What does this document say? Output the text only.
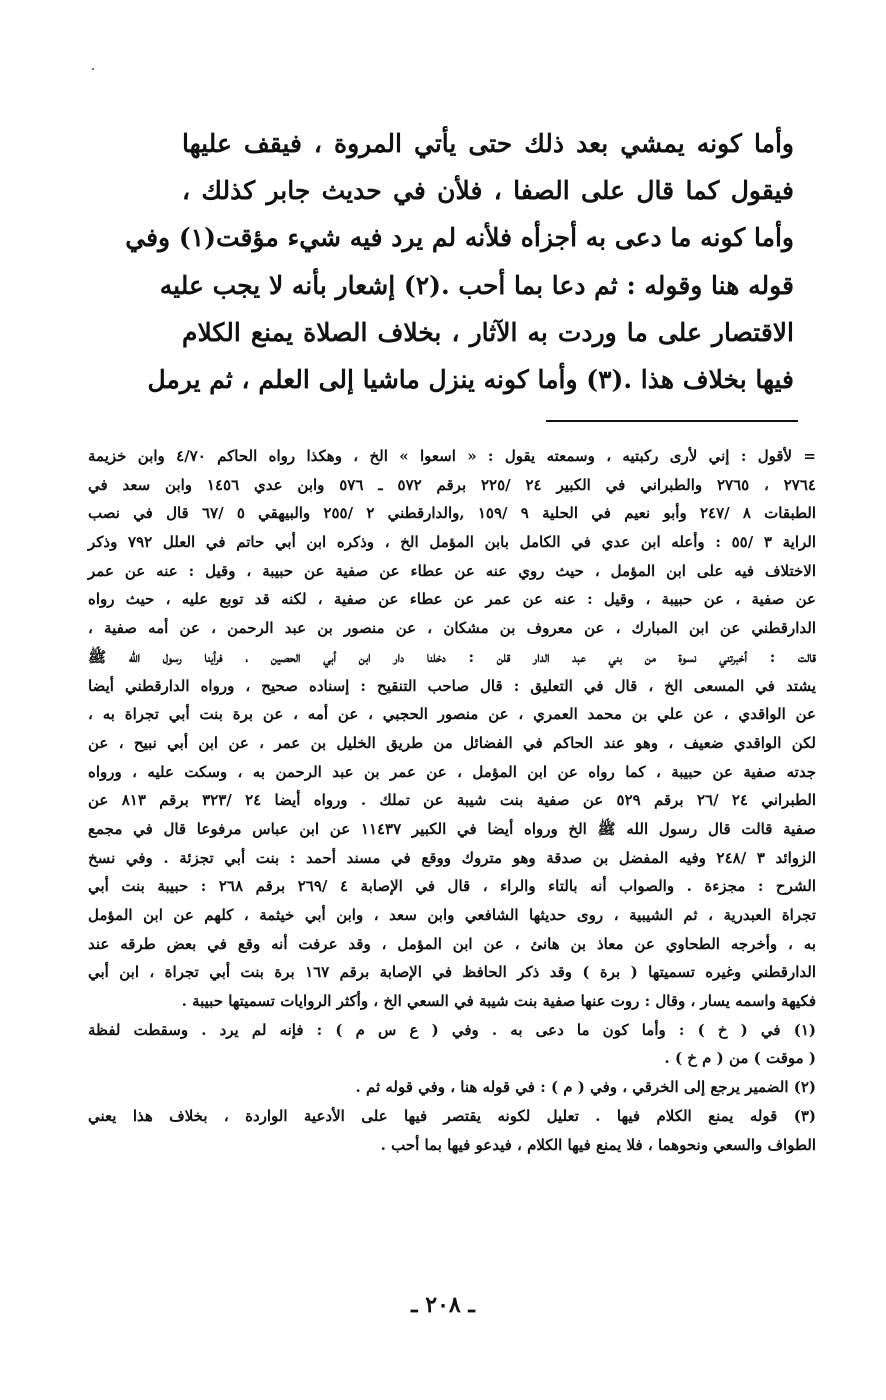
وأما كونه يمشي بعد ذلك حتى يأتي المروة ، فيقف عليها
فيقول كما قال على الصفا ، فلأن في حديث جابر كذلك ،
وأما كونه ما دعى به أجزأه فلأنه لم يرد فيه شيء مؤقت(١) وفي
قوله هنا وقوله : ثم دعا بما أحب .(٢) إشعار بأنه لا يجب عليه
الاقتصار على ما وردت به الآثار ، بخلاف الصلاة يمنع الكلام
فيها بخلاف هذا .(٣) وأما كونه ينزل ماشيا إلى العلم ، ثم يرمل
= لأقول : إني لأرى ركبتيه ، وسمعته يقول : « اسعوا » الخ ، وهكذا رواه الحاكم ٤/٧٠ وابن خزيمة
٢٧٦٤ ، ٢٧٦٥ والطبراني في الكبير ٢٤ /٢٢٥ برقم ٥٧٢ ـ ٥٧٦ وابن عدي ١٤٥٦ وابن سعد في
الطبقات ٨ /٢٤٧ وأبو نعيم في الحلية ٩ /١٥٩ ,والدارقطني ٢ /٢٥٥ والبيهقي ٥ /٦٧ قال في نصب
الراية ٣ /٥٥ : وأعله ابن عدي في الكامل بابن المؤمل الخ ، وذكره ابن أبي حاتم في العلل ٧٩٢ وذكر
الاختلاف فيه على ابن المؤمل ، حيث روي عنه عن عطاء عن صفية عن حبيبة ، وقيل : عنه عن عمر
عن صفية ، عن حبيبة ، وقيل : عنه عن عمر عن عطاء عن صفية ، لكنه قد توبع عليه ، حيث رواه
الدارقطني عن ابن المبارك ، عن معروف بن مشكان ، عن منصور بن عبد الرحمن ، عن أمه صفية ،
قالت : أخبرتني نسوة من بني عبد الدار قلن : دخلنا دار ابن أبي الحصين ، فرأينا رسول الله ﷺ
يشتد في المسعى الخ ، قال في التعليق : قال صاحب التنقيح : إسناده صحيح ، ورواه الدارقطني أيضا
عن الواقدي ، عن علي بن محمد العمري ، عن منصور الحجبي ، عن أمه ، عن برة بنت أبي تجراة به ،
لكن الواقدي ضعيف ، وهو عند الحاكم في الفضائل من طريق الخليل بن عمر ، عن ابن أبي نبيح ، عن
جدته صفية عن حبيبة ، كما رواه عن ابن المؤمل ، عن عمر بن عبد الرحمن به ، وسكت عليه ، ورواه
الطبراني ٢٤ /٢٦ برقم ٥٢٩ عن صفية بنت شيبة عن تملك . ورواه أيضا ٢٤ /٣٢٣ برقم ٨١٣ عن
صفية قالت قال رسول الله ﷺ الخ ورواه أيضا في الكبير ١١٤٣٧ عن ابن عباس مرفوعا قال في مجمع
الزوائد ٣ /٢٤٨ وفيه المفضل بن صدقة وهو متروك ووقع في مسند أحمد : بنت أبي تجزئة . وفي نسخ
الشرح : مجزءة . والصواب أنه بالتاء والراء ، قال في الإصابة ٤ /٢٦٩ برقم ٢٦٨ : حبيبة بنت أبي
تجراة العبدرية ، ثم الشيبية ، روى حديثها الشافعي وابن سعد ، وابن أبي خيثمة ، كلهم عن ابن المؤمل
به ، وأخرجه الطحاوي عن معاذ بن هانئ ، عن ابن المؤمل ، وقد عرفت أنه وقع في بعض طرقه عند
الدارقطني وغيره تسميتها ( برة ) وقد ذكر الحافظ في الإصابة برقم ١٦٧ برة بنت أبي تجراة ، ابن أبي
فكيهة واسمه يسار ، وقال : روت عنها صفية بنت شيبة في السعي الخ ، وأكثر الروايات تسميتها حبيبة .
(١) في ( خ ) : وأما كون ما دعى به . وفي ( ع س م ) : فإنه لم يرد . وسقطت لفظة
( موقت ) من ( م خ ) .
(٢) الضمير يرجع إلى الخرقي ، وفي ( م ) : في قوله هنا ، وفي قوله ثم .
(٣) قوله يمنع الكلام فيها . تعليل لكونه يقتصر فيها على الأدعية الواردة ، بخلاف هذا يعني
الطواف والسعي ونحوهما ، فلا يمنع فيها الكلام ، فيدعو فيها بما أحب .
ـ ٢٠٨ ـ
